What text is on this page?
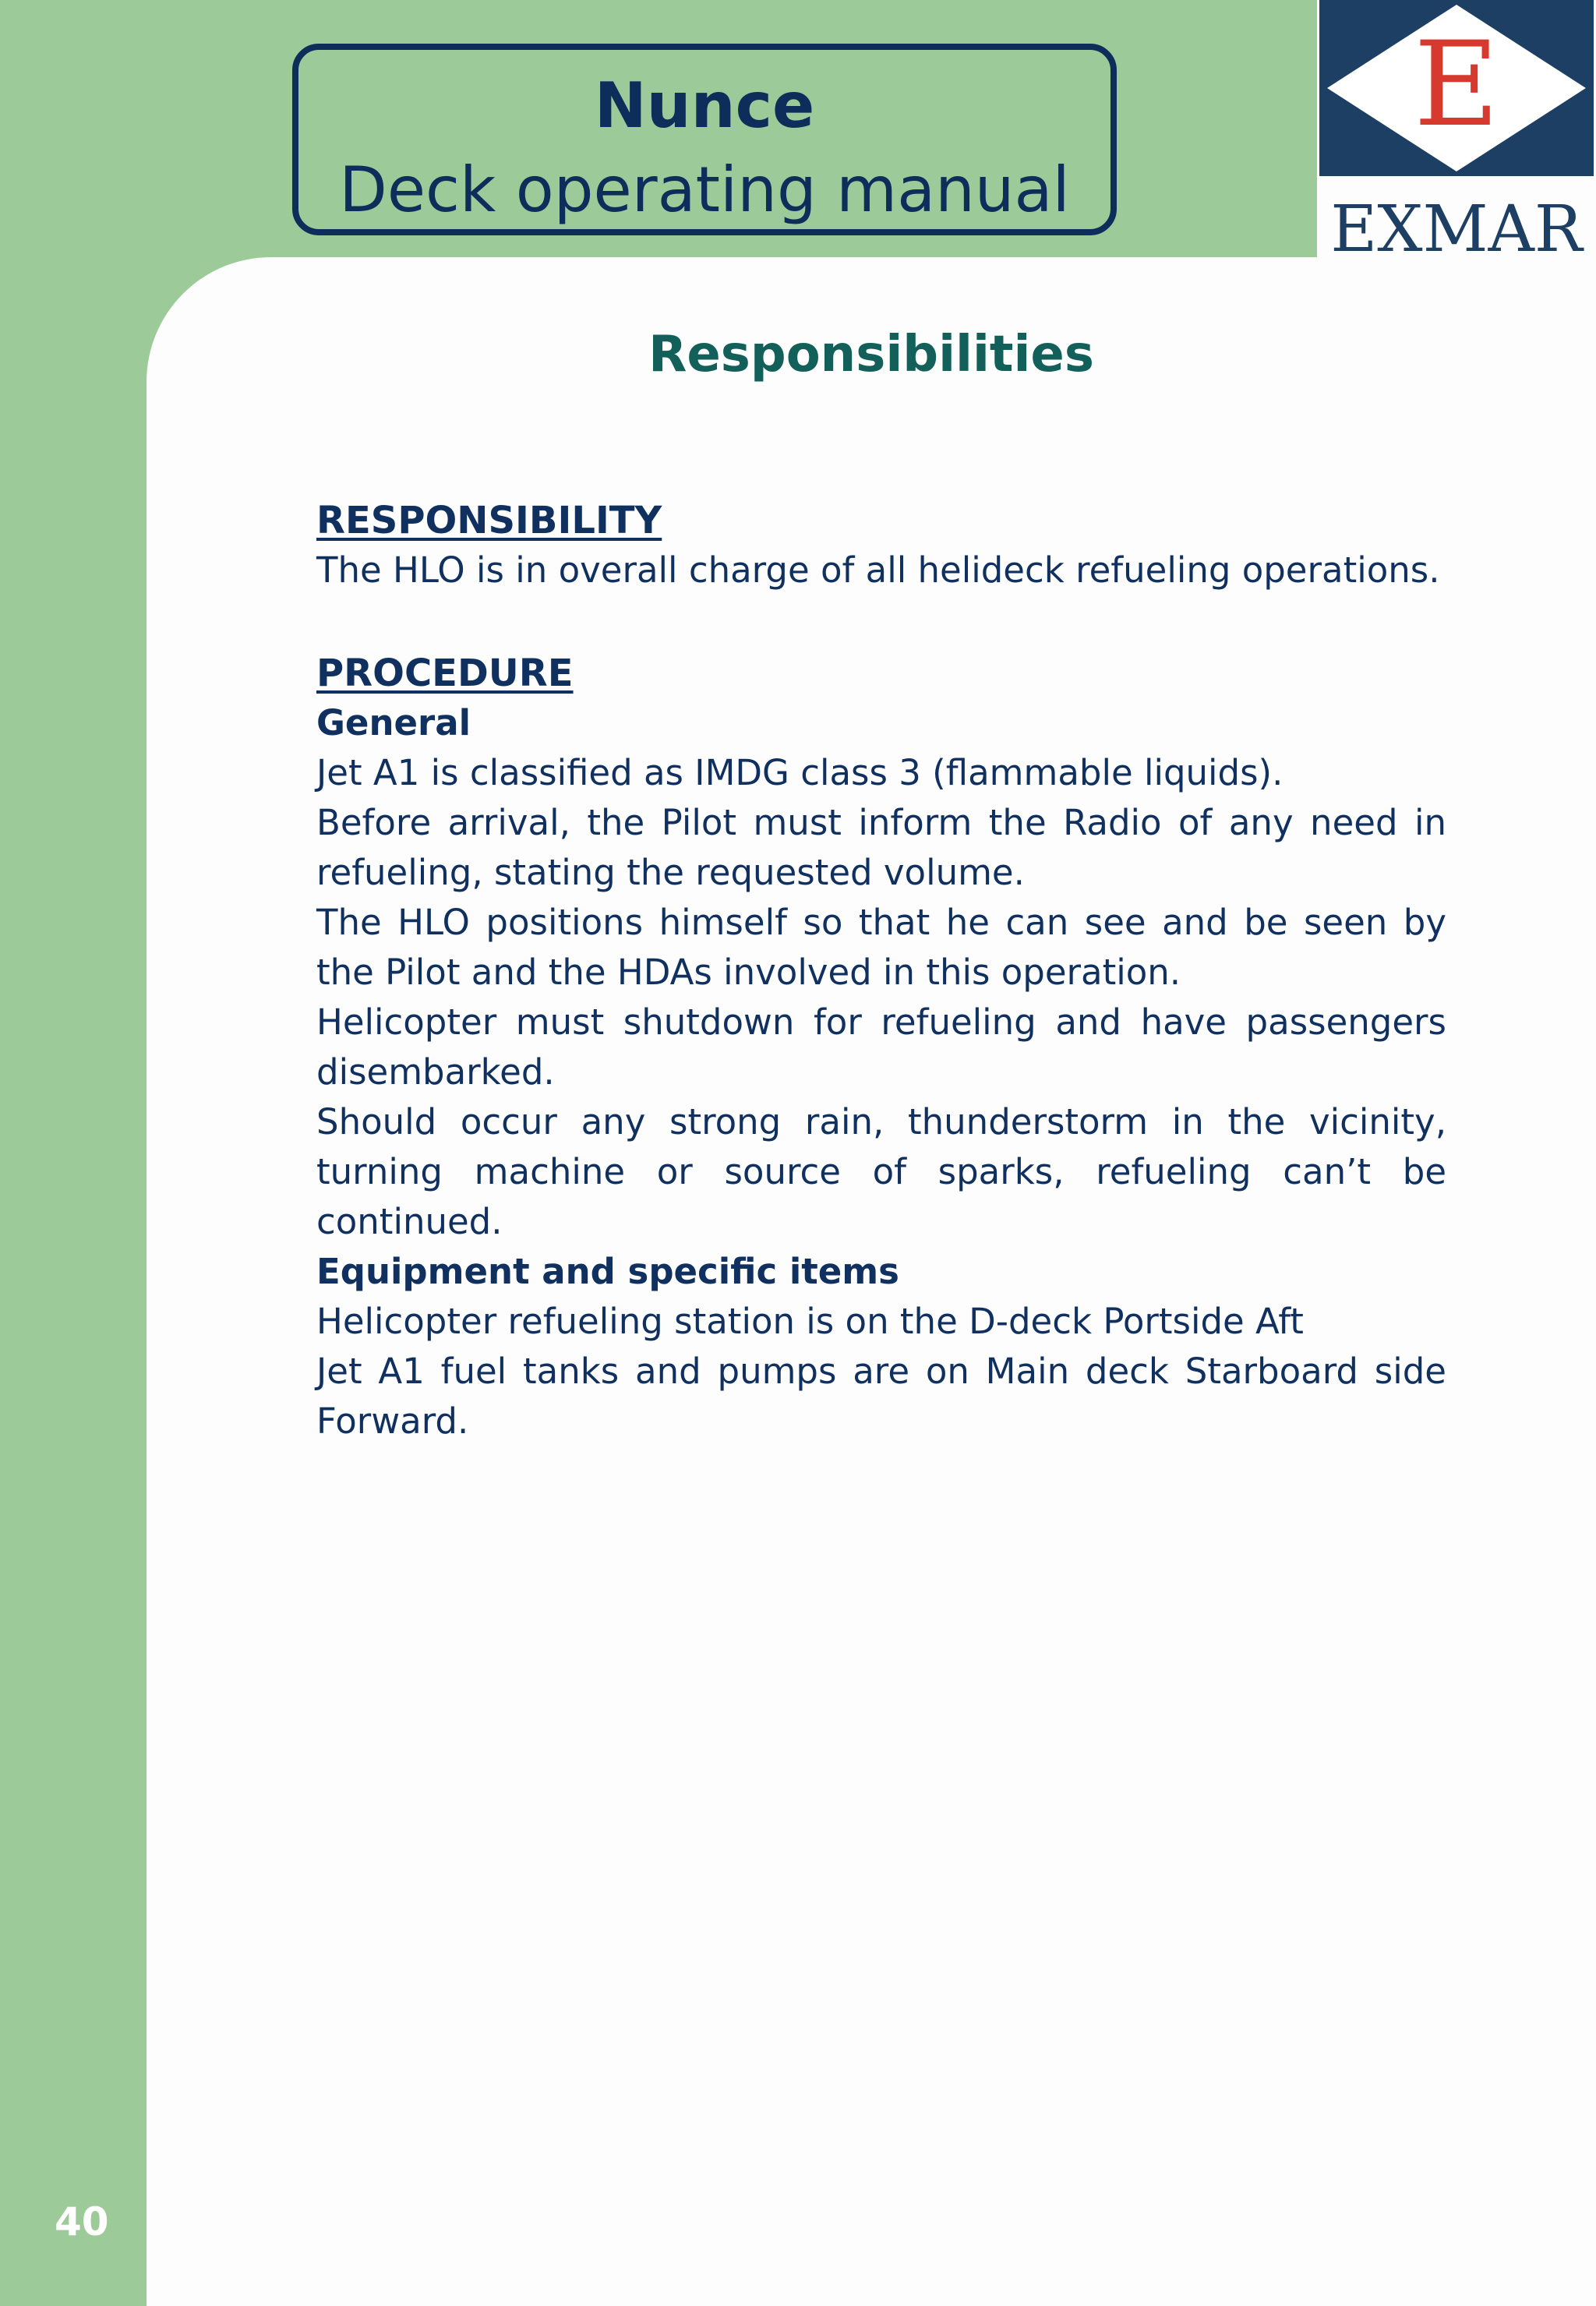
Nunce
Deck operating manual
E
EXMAR
Responsibilities

RESPONSIBILITY

The HLO is in overall charge of all helideck refueling operations.

PROCEDURE

General

Jet A1 is classified as IMDG class 3 (flammable liquids).

Before arrival, the Pilot must inform the Radio of any need in refueling, stating the requested volume.

The HLO positions himself so that he can see and be seen by the Pilot and the HDAs involved in this operation.

Helicopter must shutdown for refueling and have passengers disembarked.

Should occur any strong rain, thunderstorm in the vicinity, turning machine or source of sparks, refueling can’t be continued.

Equipment and specific items

Helicopter refueling station is on the D-deck Portside Aft

Jet A1 fuel tanks and pumps are on Main deck Starboard side Forward.

40
